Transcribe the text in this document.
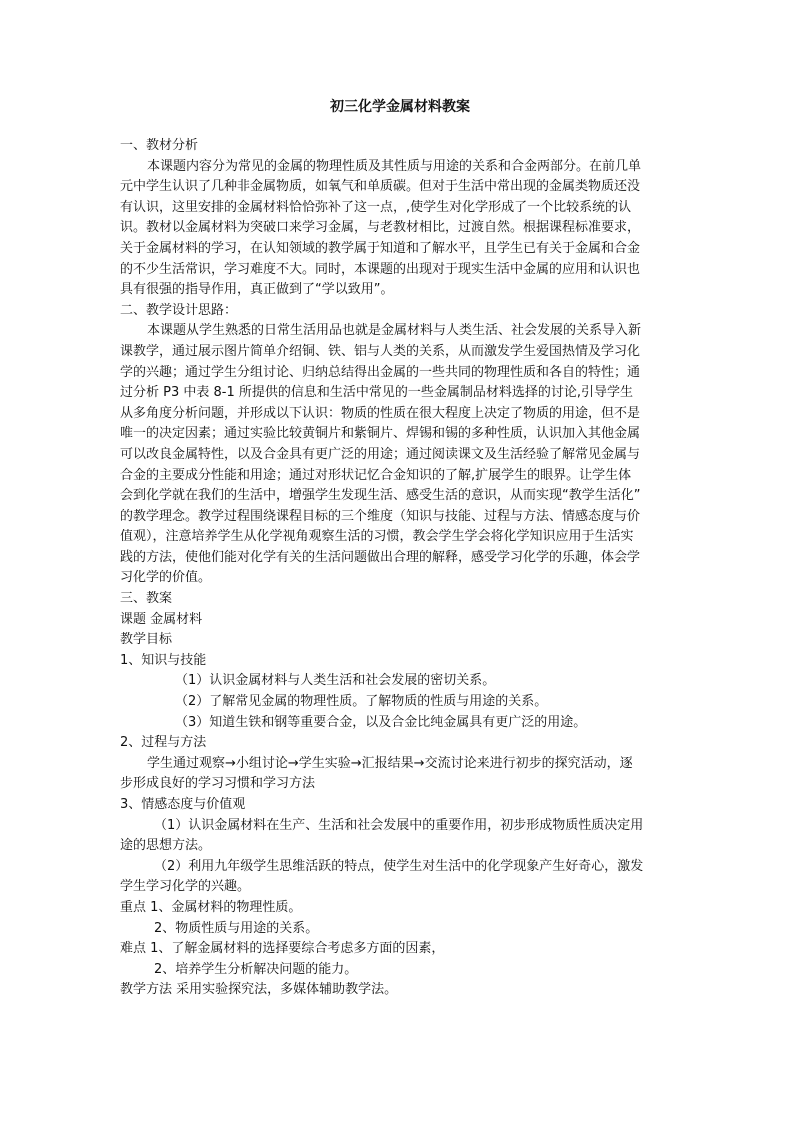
初三化学金属材料教案
一、教材分析
本课题内容分为常见的金属的物理性质及其性质与用途的关系和合金两部分。在前几单
元中学生认识了几种非金属物质，如氧气和单质碳。但对于生活中常出现的金属类物质还没
有认识，这里安排的金属材料恰恰弥补了这一点，,使学生对化学形成了一个比较系统的认
识。教材以金属材料为突破口来学习金属，与老教材相比，过渡自然。根据课程标准要求，
关于金属材料的学习，在认知领域的教学属于知道和了解水平，且学生已有关于金属和合金
的不少生活常识，学习难度不大。同时，本课题的出现对于现实生活中金属的应用和认识也
具有很强的指导作用，真正做到了“学以致用”。
二、教学设计思路：
本课题从学生熟悉的日常生活用品也就是金属材料与人类生活、社会发展的关系导入新
课教学，通过展示图片简单介绍铜、铁、铝与人类的关系，从而激发学生爱国热情及学习化
学的兴趣；通过学生分组讨论、归纳总结得出金属的一些共同的物理性质和各自的特性；通
过分析 P3 中表 8-1 所提供的信息和生活中常见的一些金属制品材料选择的讨论,引导学生
从多角度分析问题，并形成以下认识：物质的性质在很大程度上决定了物质的用途，但不是
唯一的决定因素；通过实验比较黄铜片和紫铜片、焊锡和锡的多种性质，认识加入其他金属
可以改良金属特性，以及合金具有更广泛的用途；通过阅读课文及生活经验了解常见金属与
合金的主要成分性能和用途；通过对形状记忆合金知识的了解,扩展学生的眼界。让学生体
会到化学就在我们的生活中，增强学生发现生活、感受生活的意识，从而实现“教学生活化”
的教学理念。教学过程围绕课程目标的三个维度（知识与技能、过程与方法、情感态度与价
值观），注意培养学生从化学视角观察生活的习惯，教会学生学会将化学知识应用于生活实
践的方法，使他们能对化学有关的生活问题做出合理的解释，感受学习化学的乐趣，体会学
习化学的价值。
三、教案
课题 金属材料
教学目标
1、知识与技能
（1）认识金属材料与人类生活和社会发展的密切关系。
（2）了解常见金属的物理性质。了解物质的性质与用途的关系。
（3）知道生铁和钢等重要合金，以及合金比纯金属具有更广泛的用途。
2、过程与方法
学生通过观察→小组讨论→学生实验→汇报结果→交流讨论来进行初步的探究活动，逐
步形成良好的学习习惯和学习方法
3、情感态度与价值观
（1）认识金属材料在生产、生活和社会发展中的重要作用，初步形成物质性质决定用
途的思想方法。
（2）利用九年级学生思维活跃的特点，使学生对生活中的化学现象产生好奇心，激发
学生学习化学的兴趣。
重点 1、金属材料的物理性质。
2、物质性质与用途的关系。
难点 1、了解金属材料的选择要综合考虑多方面的因素，
2、培养学生分析解决问题的能力。
教学方法 采用实验探究法，多媒体辅助教学法。
